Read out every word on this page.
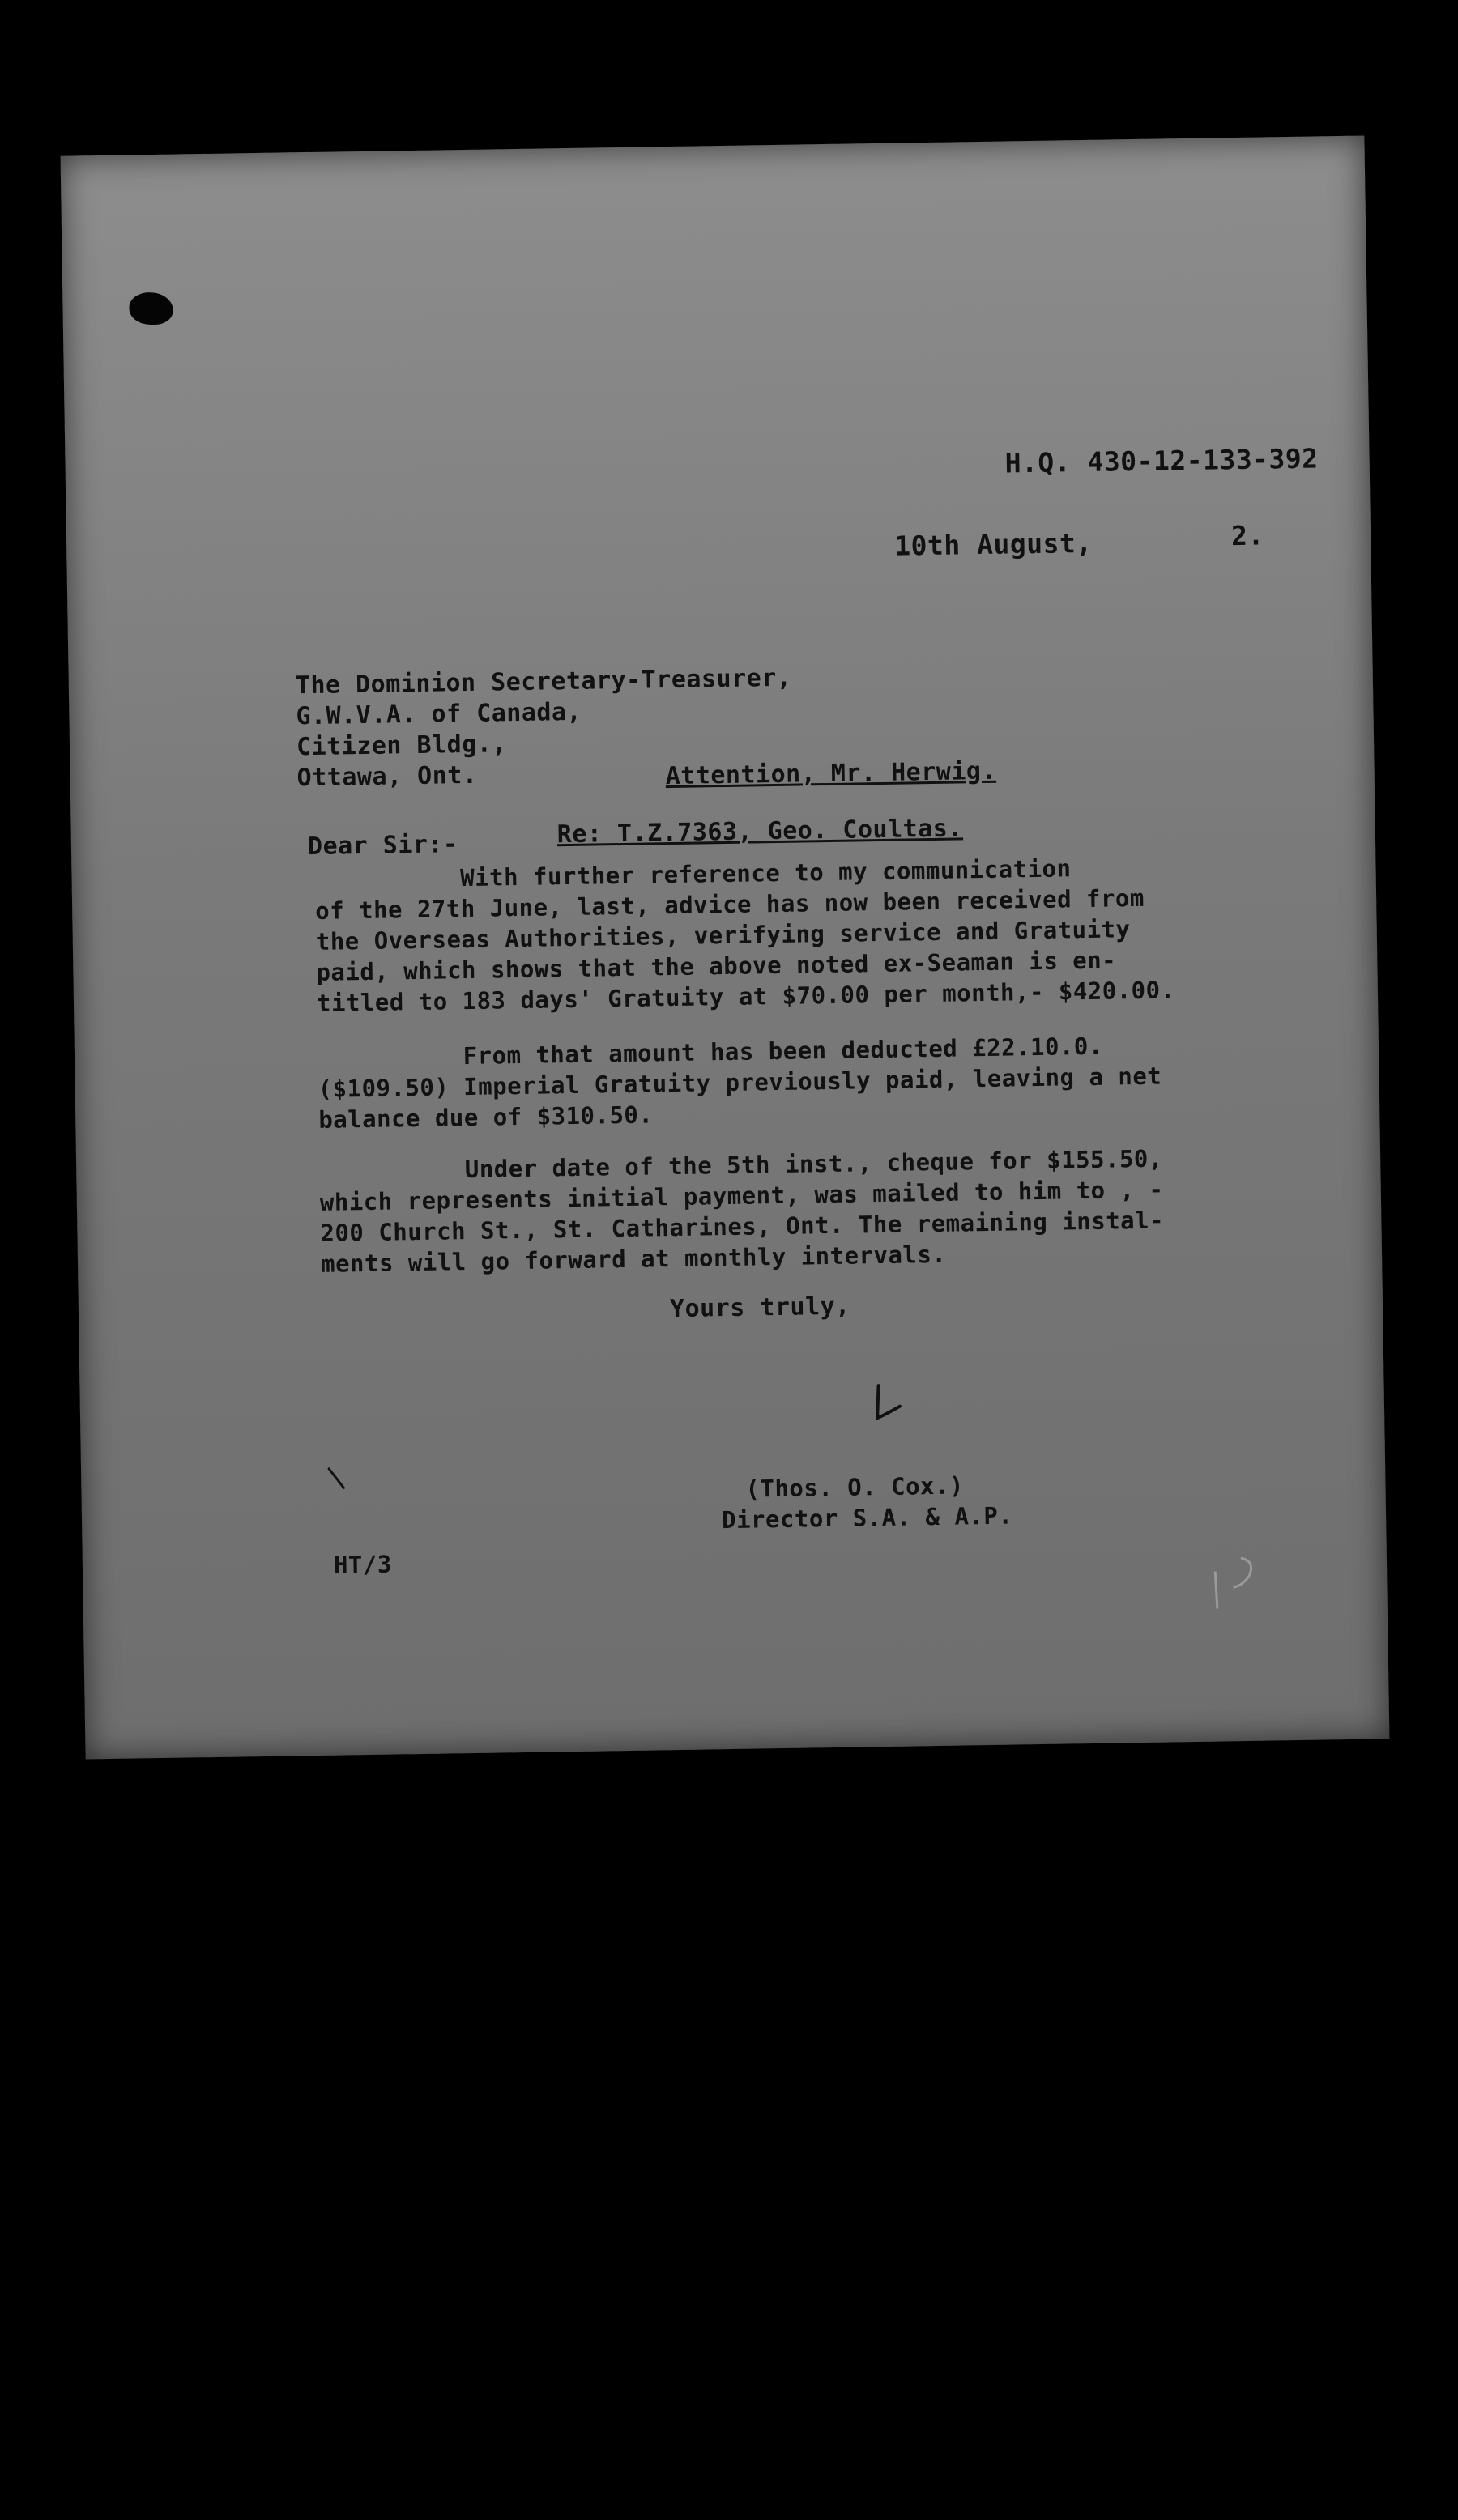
H.Q. 430-12-133-392
10th August,	2.
The Dominion Secretary-Treasurer,
G.W.V.A. of Canada,
Citizen Bldg.,
Ottawa, Ont.	Attention, Mr. Herwig.
Dear Sir:-	Re: T.Z.7363, Geo. Coultas.
With further reference to my communication
of the 27th June, last, advice has now been received from
the Overseas Authorities, verifying service and Gratuity
paid, which shows that the above noted ex-Seaman is en-
titled to 183 days' Gratuity at $70.00 per month,- $420.00.
From that amount has been deducted £22.10.0.
($109.50) Imperial Gratuity previously paid, leaving a net
balance due of $310.50.
Under date of the 5th inst., cheque for $155.50,
which represents initial payment, was mailed to him to , -
200 Church St., St. Catharines, Ont. The remaining instal-
ments will go forward at monthly intervals.
Yours truly,
(Thos. O. Cox.)
Director S.A. & A.P.
HT/3
